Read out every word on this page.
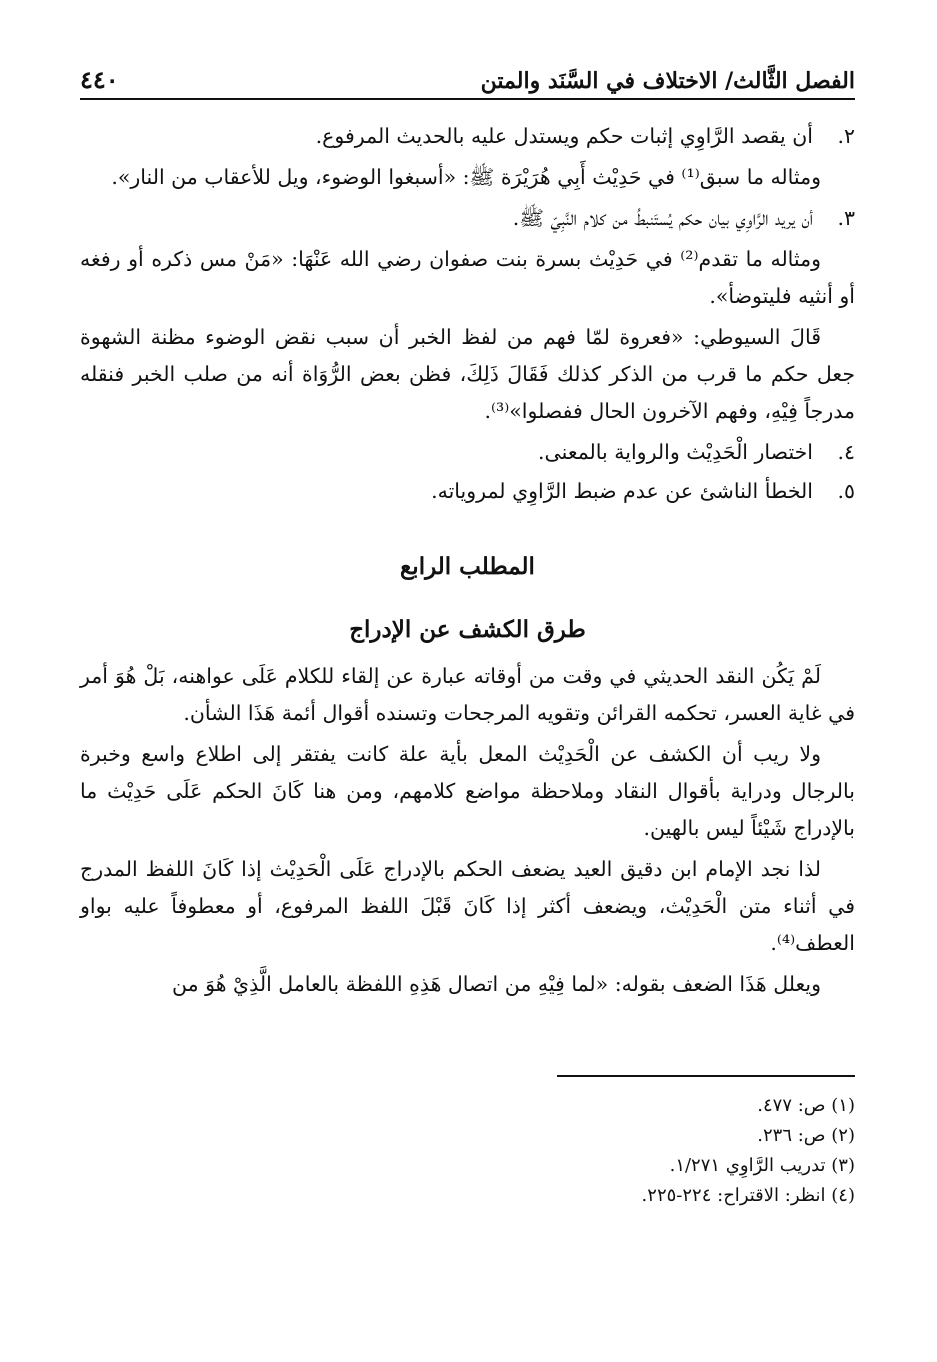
الفصل الثَّالث/ الاختلاف في السَّنَد والمتن
٤٤٠
٢.
أن يقصد الرَّاوِي إثبات حكم ويستدل عليه بالحديث المرفوع.

ومثاله ما سبق⁽¹⁾ في حَدِيْث أَبِي هُرَيْرَة ﷺ: «أسبغوا الوضوء، ويل للأعقاب من النار».

٣.
أن يريد الرَّاوِي بيان حكم يُستَنبطُ من كلام النَّبِيّ ﷺ.

ومثاله ما تقدم⁽²⁾ في حَدِيْث بسرة بنت صفوان رضي الله عَنْهَا: «مَنْ مس ذكره أو رفغه أو أنثيه فليتوضأ».

قَالَ السيوطي: «فعروة لمّا فهم من لفظ الخبر أن سبب نقض الوضوء مظنة الشهوة جعل حكم ما قرب من الذكر كذلك فَقَالَ ذَلِكَ، فظن بعض الرُّوَاة أنه من صلب الخبر فنقله مدرجاً فِيْهِ، وفهم الآخرون الحال ففصلوا»⁽³⁾.

٤.
اختصار الْحَدِيْث والرواية بالمعنى.
٥.
الخطأ الناشئ عن عدم ضبط الرَّاوِي لمروياته.
المطلب الرابع
طرق الكشف عن الإدراج

لَمْ يَكُن النقد الحديثي في وقت من أوقاته عبارة عن إلقاء للكلام عَلَى عواهنه، بَلْ هُوَ أمر في غاية العسر، تحكمه القرائن وتقويه المرجحات وتسنده أقوال أئمة هَذَا الشأن.

ولا ريب أن الكشف عن الْحَدِيْث المعل بأية علة كانت يفتقر إلى اطلاع واسع وخبرة بالرجال ودراية بأقوال النقاد وملاحظة مواضع كلامهم، ومن هنا كَانَ الحكم عَلَى حَدِيْث ما بالإدراج شَيْئاً ليس بالهين.

لذا نجد الإمام ابن دقيق العيد يضعف الحكم بالإدراج عَلَى الْحَدِيْث إذا كَانَ اللفظ المدرج في أثناء متن الْحَدِيْث، ويضعف أكثر إذا كَانَ قَبْلَ اللفظ المرفوع، أو معطوفاً عليه بواو العطف⁽⁴⁾.

ويعلل هَذَا الضعف بقوله: «لما فِيْهِ من اتصال هَذِهِ اللفظة بالعامل الَّذِيْ هُوَ من

(١) ص: ٤٧٧.

(٢) ص: ٢٣٦.

(٣) تدريب الرَّاوِي ١/٢٧١.

(٤) انظر: الاقتراح: ٢٢٤-٢٢٥.
